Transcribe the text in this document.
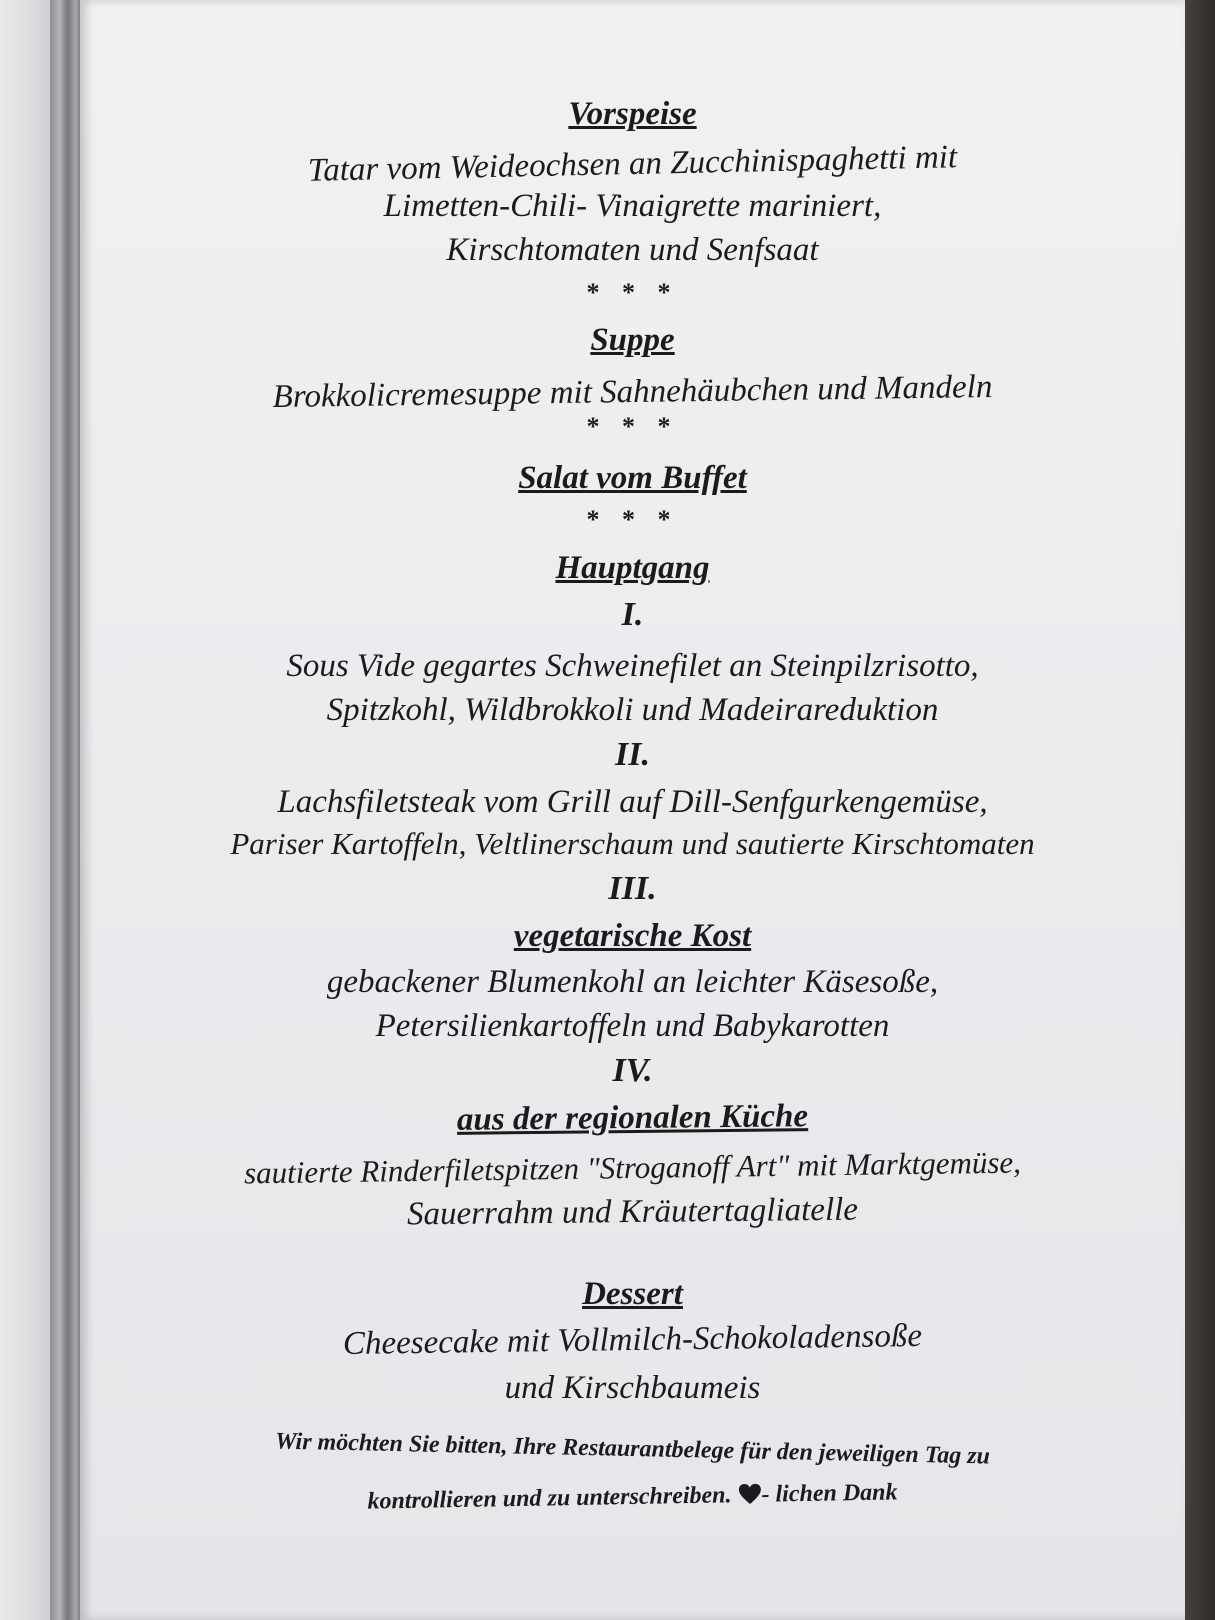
Vorspeise

Tatar vom Weideochsen an Zucchinispaghetti mit

Limetten-Chili- Vinaigrette mariniert,

Kirschtomaten und Senfsaat

* * *

Suppe

Brokkolicremesuppe mit Sahnehäubchen und Mandeln

* * *

Salat vom Buffet

* * *

Hauptgang

I.

Sous Vide gegartes Schweinefilet an Steinpilzrisotto,

Spitzkohl, Wildbrokkoli und Madeirareduktion

II.

Lachsfiletsteak vom Grill auf Dill-Senfgurkengemüse,

Pariser Kartoffeln, Veltlinerschaum und sautierte Kirschtomaten

III.

vegetarische Kost

gebackener Blumenkohl an leichter Käsesoße,

Petersilienkartoffeln und Babykarotten

IV.

aus der regionalen Küche

sautierte Rinderfiletspitzen "Stroganoff Art" mit Marktgemüse,

Sauerrahm und Kräutertagliatelle

Dessert

Cheesecake mit Vollmilch-Schokoladensoße

und Kirschbaumeis

Wir möchten Sie bitten, Ihre Restaurantbelege für den jeweiligen Tag zu

kontrollieren und zu unterschreiben. - lichen Dank
